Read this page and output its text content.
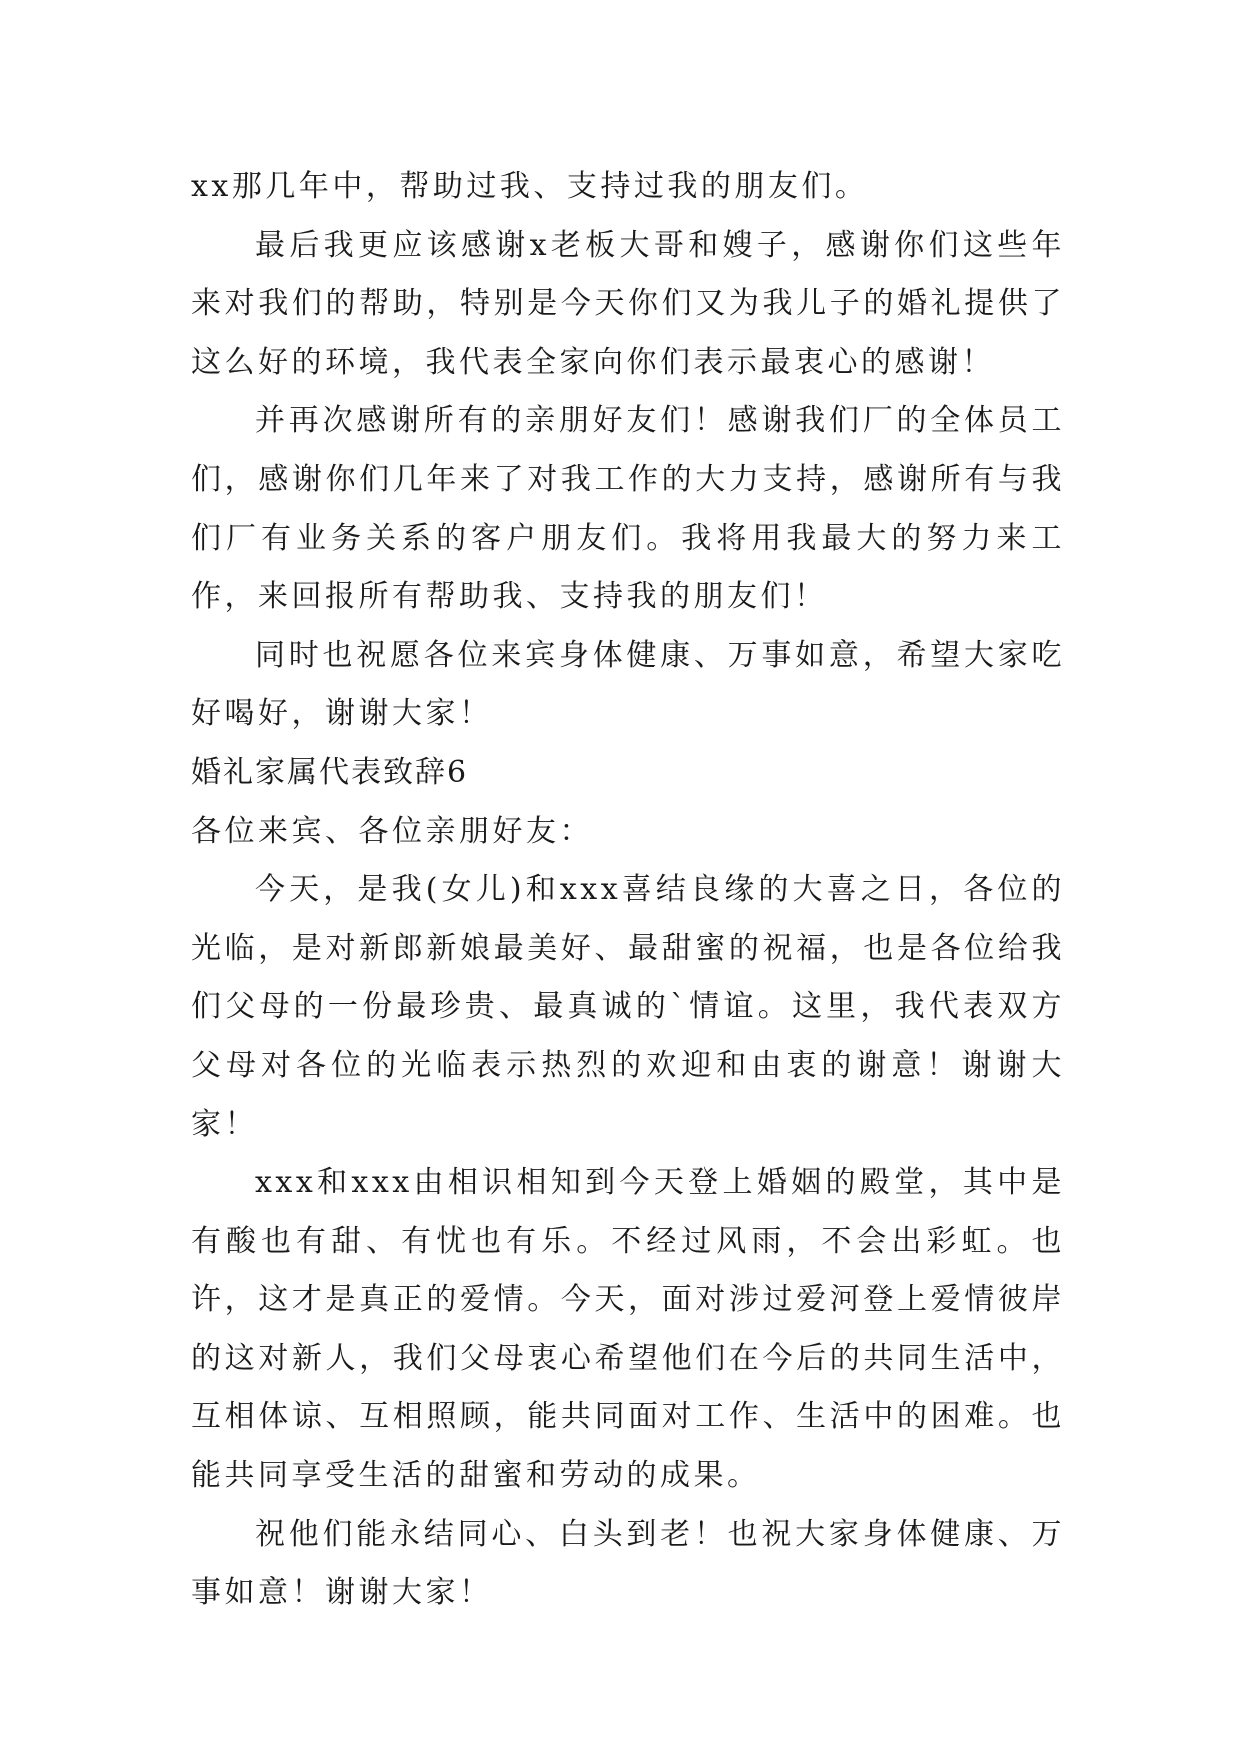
xx那几年中，帮助过我、支持过我的朋友们。

最后我更应该感谢x老板大哥和嫂子，感谢你们这些年来对我们的帮助，特别是今天你们又为我儿子的婚礼提供了这么好的环境，我代表全家向你们表示最衷心的感谢！

并再次感谢所有的亲朋好友们！感谢我们厂的全体员工们，感谢你们几年来了对我工作的大力支持，感谢所有与我们厂有业务关系的客户朋友们。我将用我最大的努力来工作，来回报所有帮助我、支持我的朋友们！

同时也祝愿各位来宾身体健康、万事如意，希望大家吃好喝好，谢谢大家！

婚礼家属代表致辞6

各位来宾、各位亲朋好友：

今天，是我(女儿)和xxx喜结良缘的大喜之日，各位的光临，是对新郎新娘最美好、最甜蜜的祝福，也是各位给我们父母的一份最珍贵、最真诚的`情谊。这里，我代表双方父母对各位的光临表示热烈的欢迎和由衷的谢意！谢谢大家！

xxx和xxx由相识相知到今天登上婚姻的殿堂，其中是有酸也有甜、有忧也有乐。不经过风雨，不会出彩虹。也许，这才是真正的爱情。今天，面对涉过爱河登上爱情彼岸的这对新人，我们父母衷心希望他们在今后的共同生活中，互相体谅、互相照顾，能共同面对工作、生活中的困难。也能共同享受生活的甜蜜和劳动的成果。

祝他们能永结同心、白头到老！也祝大家身体健康、万事如意！谢谢大家！
